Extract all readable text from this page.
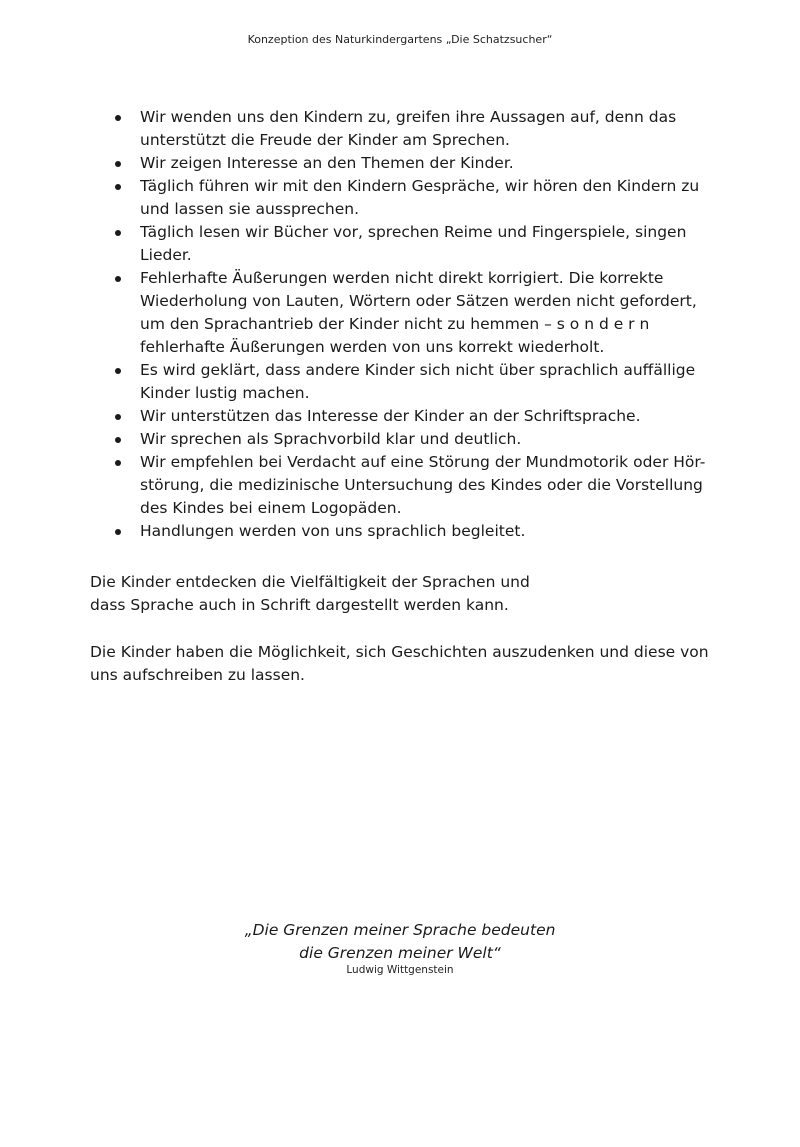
Konzeption des Naturkindergartens „Die Schatzsucher“
Wir wenden uns den Kindern zu, greifen ihre Aussagen auf, denn das
unterstützt die Freude der Kinder am Sprechen.
Wir zeigen Interesse an den Themen der Kinder.
Täglich führen wir mit den Kindern Gespräche, wir hören den Kindern zu
und lassen sie aussprechen.
Täglich lesen wir Bücher vor, sprechen Reime und Fingerspiele, singen
Lieder.
Fehlerhafte Äußerungen werden nicht direkt korrigiert. Die korrekte
Wiederholung von Lauten, Wörtern oder Sätzen werden nicht gefordert,
um den Sprachantrieb der Kinder nicht zu hemmen – s o n d e r n
fehlerhafte Äußerungen werden von uns korrekt wiederholt.
Es wird geklärt, dass andere Kinder sich nicht über sprachlich auffällige
Kinder lustig machen.
Wir unterstützen das Interesse der Kinder an der Schriftsprache.
Wir sprechen als Sprachvorbild klar und deutlich.
Wir empfehlen bei Verdacht auf eine Störung der Mundmotorik oder Hör-
störung, die medizinische Untersuchung des Kindes oder die Vorstellung
des Kindes bei einem Logopäden.
Handlungen werden von uns sprachlich begleitet.

Die Kinder entdecken die Vielfältigkeit der Sprachen und
dass Sprache auch in Schrift dargestellt werden kann.

Die Kinder haben die Möglichkeit, sich Geschichten auszudenken und diese von
uns aufschreiben zu lassen.

„Die Grenzen meiner Sprache bedeuten
die Grenzen meiner Welt“

Ludwig Wittgenstein
